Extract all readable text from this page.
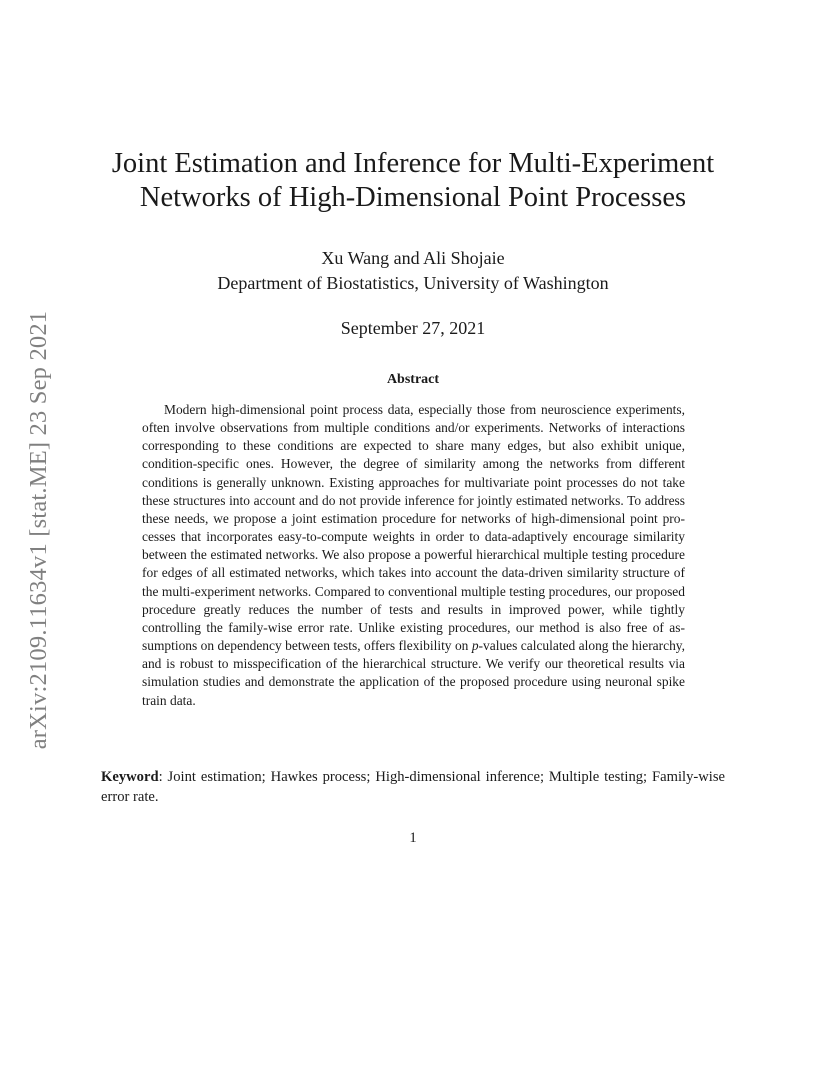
arXiv:2109.11634v1 [stat.ME] 23 Sep 2021
Joint Estimation and Inference for Multi-Experiment
Networks of High-Dimensional Point Processes
Xu Wang and Ali Shojaie
Department of Biostatistics, University of Washington
September 27, 2021
Abstract

Modern high-dimensional point process data, especially those from neuroscience experiments, often involve observations from multiple conditions and/or experiments. Networks of interactions corresponding to these conditions are expected to share many edges, but also exhibit unique, condition-specific ones. However, the degree of similarity among the networks from different conditions is generally unknown. Existing approaches for multivariate point processes do not take these structures into account and do not provide inference for jointly estimated networks. To address these needs, we propose a joint estimation procedure for networks of high-dimensional point processes that incorporates easy-to-compute weights in order to data-adaptively encourage similarity between the estimated networks. We also propose a powerful hierarchical multiple testing procedure for edges of all estimated networks, which takes into account the data-driven similarity structure of the multi-experiment networks. Compared to conventional multiple testing procedures, our proposed procedure greatly reduces the number of tests and results in improved power, while tightly controlling the family-wise error rate. Unlike existing procedures, our method is also free of assumptions on dependency between tests, offers flexibility on p-values calculated along the hierarchy, and is robust to misspecification of the hierarchical structure. We verify our theoretical results via simulation studies and demonstrate the application of the proposed procedure using neuronal spike train data.

Keyword: Joint estimation; Hawkes process; High-dimensional inference; Multiple testing; Family-wise error rate.

1
